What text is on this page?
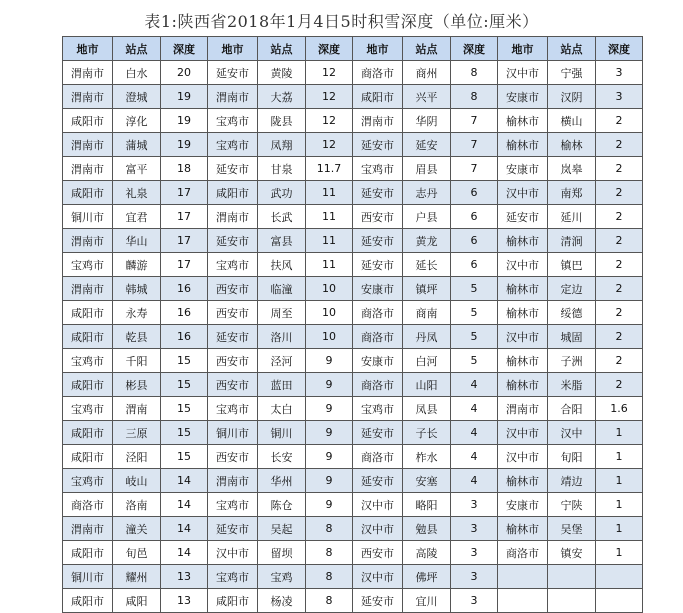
表1:陕西省2018年1月4日5时积雪深度（单位:厘米）
地市	站点	深度	地市	站点	深度	地市	站点	深度	地市	站点	深度
渭南市	白水	20	延安市	黄陵	12	商洛市	商州	8	汉中市	宁强	3
渭南市	澄城	19	渭南市	大荔	12	咸阳市	兴平	8	安康市	汉阴	3
咸阳市	淳化	19	宝鸡市	陇县	12	渭南市	华阴	7	榆林市	横山	2
渭南市	蒲城	19	宝鸡市	凤翔	12	延安市	延安	7	榆林市	榆林	2
渭南市	富平	18	延安市	甘泉	11.7	宝鸡市	眉县	7	安康市	岚皋	2
咸阳市	礼泉	17	咸阳市	武功	11	延安市	志丹	6	汉中市	南郑	2
铜川市	宜君	17	渭南市	长武	11	西安市	户县	6	延安市	延川	2
渭南市	华山	17	延安市	富县	11	延安市	黄龙	6	榆林市	清涧	2
宝鸡市	麟游	17	宝鸡市	扶风	11	延安市	延长	6	汉中市	镇巴	2
渭南市	韩城	16	西安市	临潼	10	安康市	镇坪	5	榆林市	定边	2
咸阳市	永寿	16	西安市	周至	10	商洛市	商南	5	榆林市	绥德	2
咸阳市	乾县	16	延安市	洛川	10	商洛市	丹凤	5	汉中市	城固	2
宝鸡市	千阳	15	西安市	泾河	9	安康市	白河	5	榆林市	子洲	2
咸阳市	彬县	15	西安市	蓝田	9	商洛市	山阳	4	榆林市	米脂	2
宝鸡市	渭南	15	宝鸡市	太白	9	宝鸡市	凤县	4	渭南市	合阳	1.6
咸阳市	三原	15	铜川市	铜川	9	延安市	子长	4	汉中市	汉中	1
咸阳市	泾阳	15	西安市	长安	9	商洛市	柞水	4	汉中市	旬阳	1
宝鸡市	岐山	14	渭南市	华州	9	延安市	安塞	4	榆林市	靖边	1
商洛市	洛南	14	宝鸡市	陈仓	9	汉中市	略阳	3	安康市	宁陕	1
渭南市	潼关	14	延安市	吴起	8	汉中市	勉县	3	榆林市	吴堡	1
咸阳市	旬邑	14	汉中市	留坝	8	西安市	高陵	3	商洛市	镇安	1
铜川市	耀州	13	宝鸡市	宝鸡	8	汉中市	佛坪	3			
咸阳市	咸阳	13	咸阳市	杨凌	8	延安市	宜川	3			
